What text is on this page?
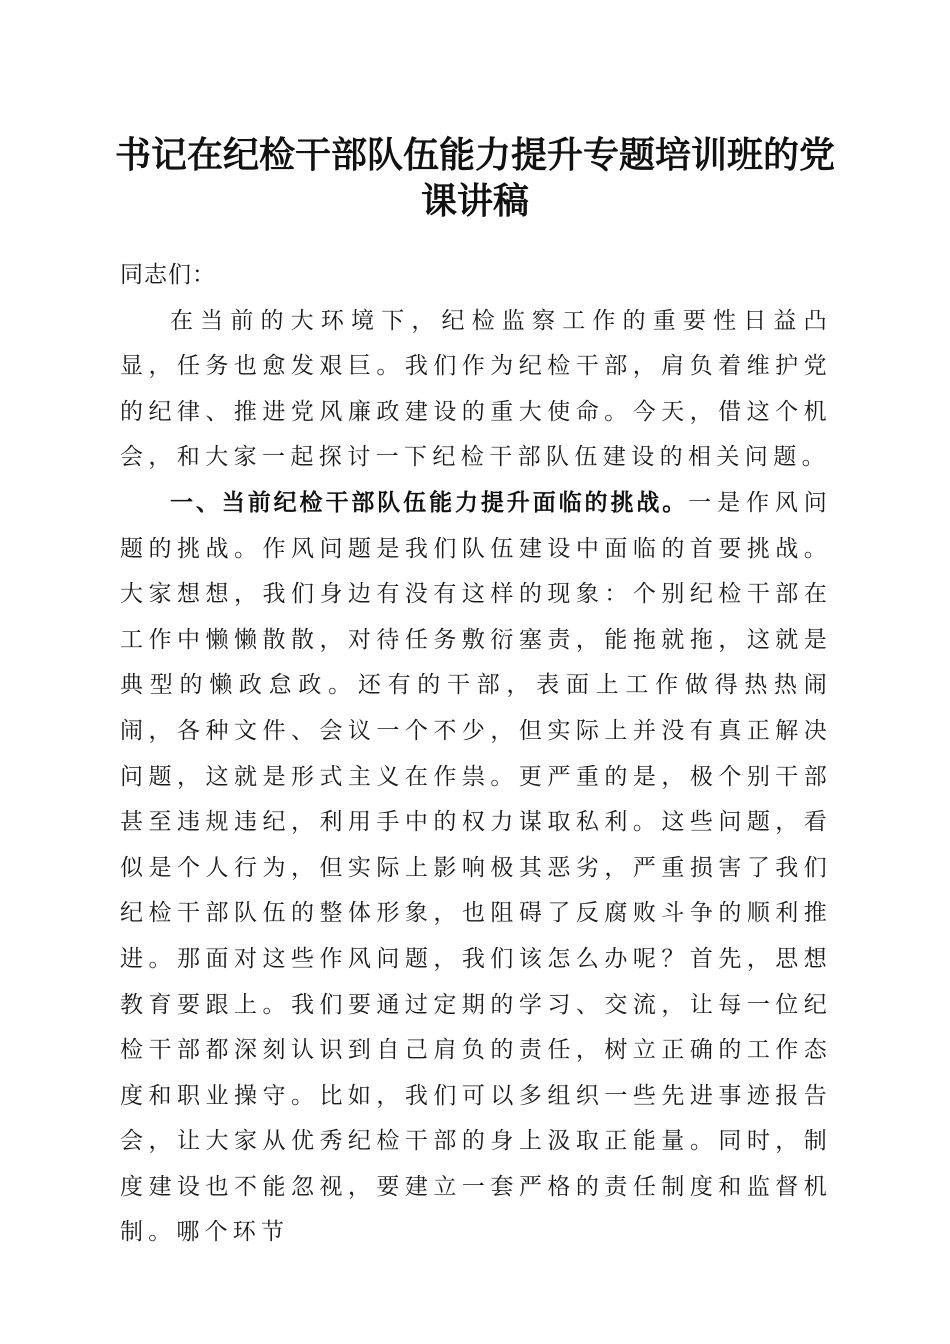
书记在纪检干部队伍能力提升专题培训班的党课讲稿

同志们：

在当前的大环境下，纪检监察工作的重要性日益凸显，任务也愈发艰巨。我们作为纪检干部，肩负着维护党的纪律、推进党风廉政建设的重大使命。今天，借这个机会，和大家一起探讨一下纪检干部队伍建设的相关问题。

一、当前纪检干部队伍能力提升面临的挑战。一是作风问题的挑战。作风问题是我们队伍建设中面临的首要挑战。大家想想，我们身边有没有这样的现象：个别纪检干部在工作中懒懒散散，对待任务敷衍塞责，能拖就拖，这就是典型的懒政怠政。还有的干部，表面上工作做得热热闹闹，各种文件、会议一个不少，但实际上并没有真正解决问题，这就是形式主义在作祟。更严重的是，极个别干部甚至违规违纪，利用手中的权力谋取私利。这些问题，看似是个人行为，但实际上影响极其恶劣，严重损害了我们纪检干部队伍的整体形象，也阻碍了反腐败斗争的顺利推进。那面对这些作风问题，我们该怎么办呢？首先，思想教育要跟上。我们要通过定期的学习、交流，让每一位纪检干部都深刻认识到自己肩负的责任，树立正确的工作态度和职业操守。比如，我们可以多组织一些先进事迹报告会，让大家从优秀纪检干部的身上汲取正能量。同时，制度建设也不能忽视，要建立一套严格的责任制度和监督机制。哪个环节
